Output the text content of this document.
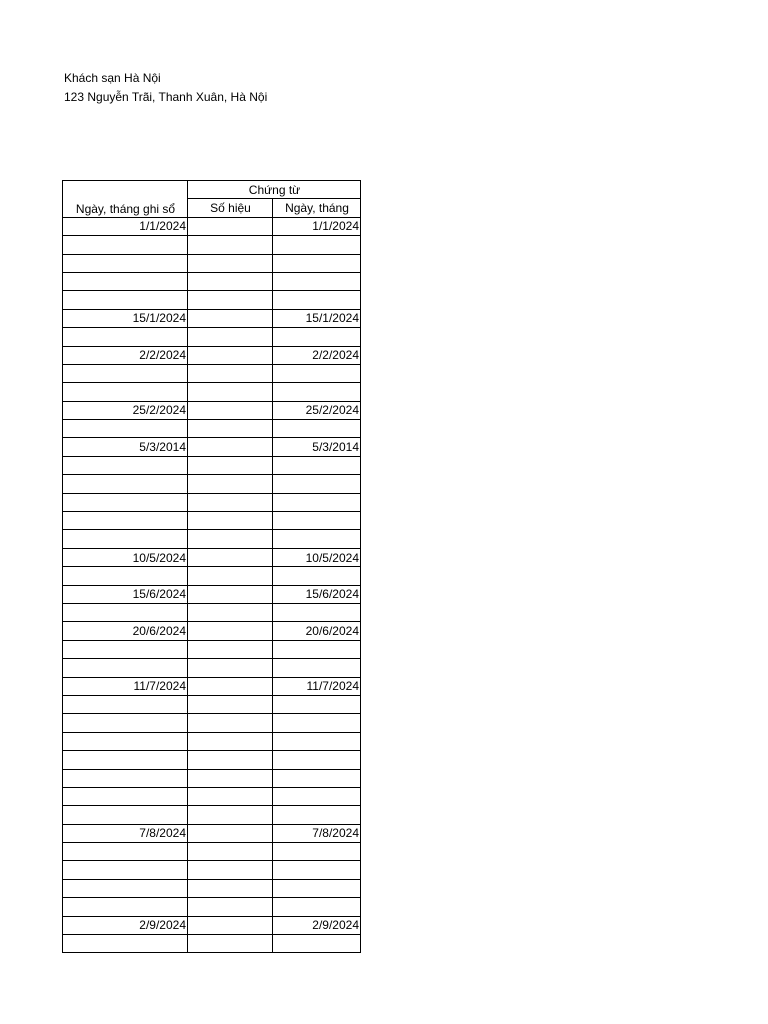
Khách sạn Hà Nội
123 Nguyễn Trãi, Thanh Xuân, Hà Nội
Ngày, tháng ghi sổ	Chứng từ	
	Số hiệu	Ngày, tháng
1/1/2024		1/1/2024

15/1/2024		15/1/2024

2/2/2024		2/2/2024

25/2/2024		25/2/2024

5/3/2014		5/3/2014

10/5/2024		10/5/2024

15/6/2024		15/6/2024

20/6/2024		20/6/2024

11/7/2024		11/7/2024

7/8/2024		7/8/2024

2/9/2024		2/9/2024
